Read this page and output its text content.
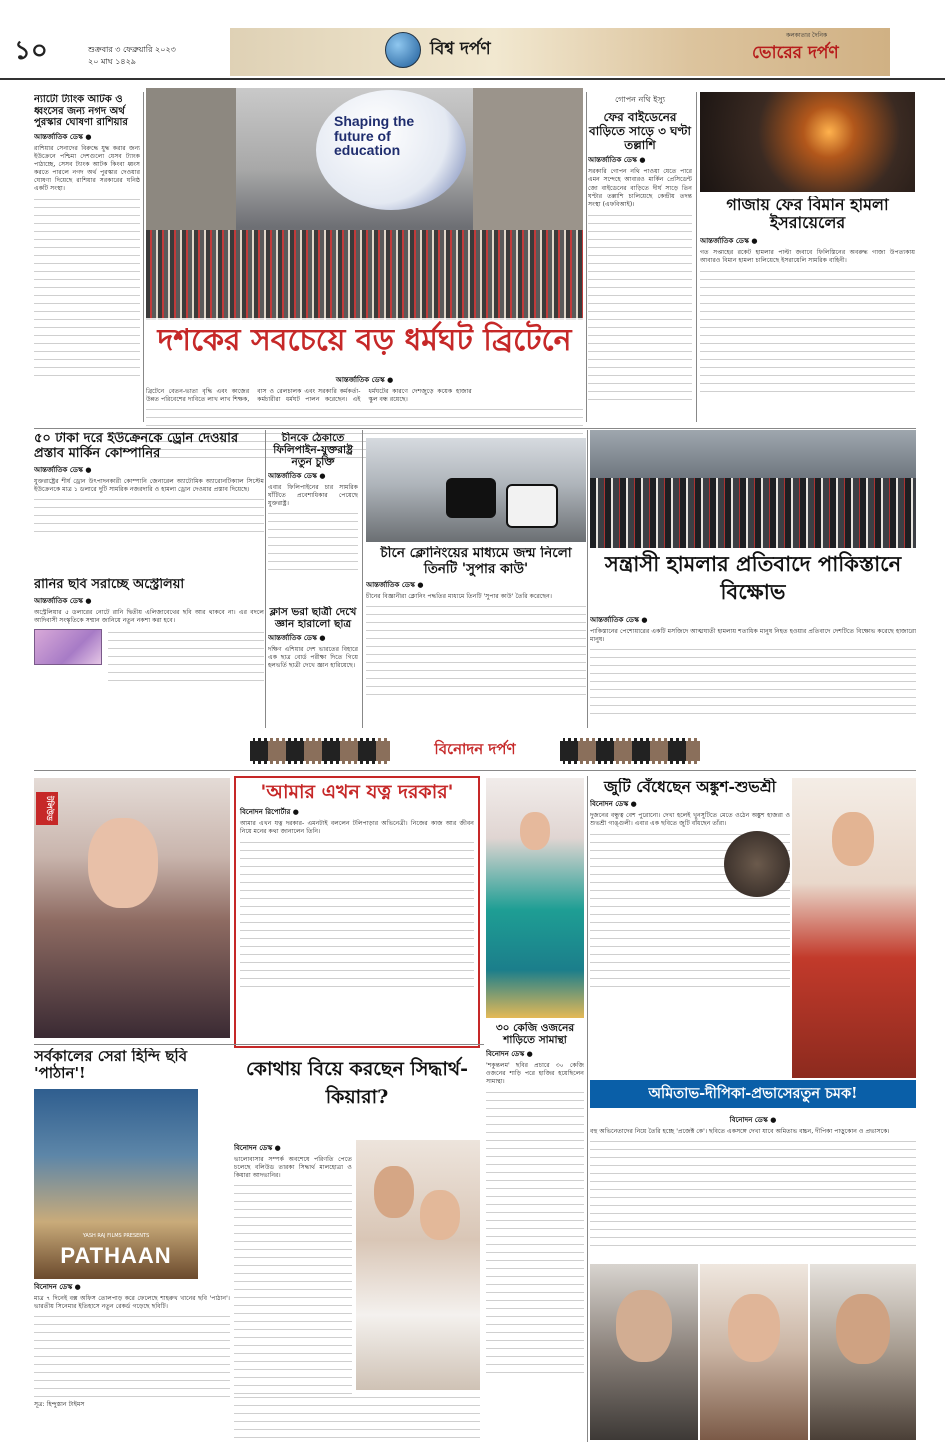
১০	শুক্রবার ৩ ফেব্রুয়ারি ২০২৩
২০ মাঘ ১৪২৯
বিশ্ব দর্পণ
কলকাতার দৈনিক
ভোরের দর্পণ
ন্যাটো ট্যাংক আটক ও ধ্বংসের জন্য নগদ অর্থ পুরস্কার ঘোষণা রাশিয়ার
আন্তর্জাতিক ডেস্ক ●
রাশিয়ার সেনাদের বিরুদ্ধে যুদ্ধ করার জন্য ইউক্রেনে পশ্চিমা দেশগুলো যেসব ট্যাংক পাঠাচ্ছে, সেসব ট্যাংক আটক কিংবা ধ্বংস করতে পারলে নগদ অর্থ পুরস্কার দেওয়ার ঘোষণা দিয়েছে রাশিয়ার সরকারের ঘনিষ্ঠ একটি সংস্থা।
Shaping the future of education
দশকের সবচেয়ে বড় ধর্মঘট ব্রিটেনে
আন্তর্জাতিক ডেস্ক ●
ব্রিটেনে বেতন-ভাতা বৃদ্ধি এবং কাজের উন্নত পরিবেশের দাবিতে লাখ লাখ শিক্ষক, বাস ও রেলচালক এবং সরকারি কর্মকর্তা-কর্মচারীরা ধর্মঘট পালন করেছেন। এই ধর্মঘটের কারণে দেশজুড়ে কয়েক হাজার স্কুল বন্ধ রয়েছে।
গোপন নথি ইস্যু
ফের বাইডেনের বাড়িতে সাড়ে ৩ ঘণ্টা তল্লাশি
আন্তর্জাতিক ডেস্ক ●
সরকারি গোপন নথি পাওয়া যেতে পারে এমন সন্দেহে আবারও মার্কিন প্রেসিডেন্ট জো বাইডেনের বাড়িতে দীর্ঘ সাড়ে তিন ঘণ্টার তল্লাশি চালিয়েছে কেন্দ্রীয় তদন্ত সংস্থা (এফবিআই)।	গাজায় ফের বিমান হামলা ইসরায়েলের
আন্তর্জাতিক ডেস্ক ●
গত সপ্তাহের রকেট হামলার পাল্টা জবাবে ফিলিস্তিনের অবরুদ্ধ গাজা উপত্যকায় আবারও বিমান হামলা চালিয়েছে ইসরায়েলি সামরিক বাহিনী।
৫০ টাকা দরে ইউক্রেনকে ড্রোন দেওয়ার প্রস্তাব মার্কিন কোম্পানির
আন্তর্জাতিক ডেস্ক ●
যুক্তরাষ্ট্রের শীর্ষ ড্রোন উৎপাদনকারী কোম্পানি জেনারেল অ্যাটোমিক অ্যারোনটিক্যাল সিস্টেম ইউক্রেনকে মাত্র ১ ডলারে দুটি সামরিক নজরদারি ও হামলা ড্রোন দেওয়ার প্রস্তাব দিয়েছে।
রানির ছবি সরাচ্ছে অস্ট্রেলিয়া
আন্তর্জাতিক ডেস্ক ●
অস্ট্রেলিয়ার ৫ ডলারের নোটে রানি দ্বিতীয় এলিজাবেথের ছবি আর থাকবে না। এর বদলে আদিবাসী সংস্কৃতিকে সম্মান জানিয়ে নতুন নকশা করা হবে।
চীনকে ঠেকাতে ফিলিপাইন-যুক্তরাষ্ট্র নতুন চুক্তি
আন্তর্জাতিক ডেস্ক ●
এবার ফিলিপাইনের চার সামরিক ঘাঁটিতে প্রবেশাধিকার পেয়েছে যুক্তরাষ্ট্র।
ক্লাস ভরা ছাত্রী দেখে জ্ঞান হারালো ছাত্র
আন্তর্জাতিক ডেস্ক ●
দক্ষিণ এশিয়ার দেশ ভারতের বিহারে এক ছাত্র বোর্ড পরীক্ষা দিতে গিয়ে হলভর্তি ছাত্রী দেখে জ্ঞান হারিয়েছে।
চীনে ক্লোনিংয়ের মাধ্যমে জন্ম নিলো তিনটি 'সুপার কাউ'
আন্তর্জাতিক ডেস্ক ●
চীনের বিজ্ঞানীরা ক্লোনিং পদ্ধতির মাধ্যমে তিনটি 'সুপার কাউ' তৈরি করেছেন।
সন্ত্রাসী হামলার প্রতিবাদে পাকিস্তানে বিক্ষোভ
আন্তর্জাতিক ডেস্ক ●
পাকিস্তানের পেশোয়ারের একটি মসজিদে আত্মঘাতী হামলায় শতাধিক মানুষ নিহত হওয়ার প্রতিবাদে দেশটিতে বিক্ষোভ করেছে হাজারো মানুষ।
বিনোদন দর্পণ
টলিউড
'আমার এখন যত্ন দরকার'
বিনোদন রিপোর্টার ●
আমার এখন যত্ন দরকার- এমনটাই বললেন টলিপাড়ার অভিনেত্রী। নিজের কাজ আর জীবন নিয়ে মনের কথা জানালেন তিনি।
৩০ কেজি ওজনের শাড়িতে সামান্থা
বিনোদন ডেস্ক ●
'শকুন্তলম' ছবির প্রচারে ৩০ কেজি ওজনের শাড়ি পরে হাজির হয়েছিলেন সামান্থা।
জুটি বেঁধেছেন অঙ্কুশ-শুভশ্রী
বিনোদন ডেস্ক ●
দুজনের বন্ধুত্ব বেশ পুরোনো। দেখা হলেই খুনসুটিতে মেতে ওঠেন অঙ্কুশ হাজরা ও শুভশ্রী গাঙ্গুলী। এবার এক ছবিতে জুটি বাঁধছেন তাঁরা।
অমিতাভ-দীপিকা-প্রভাসেরতুন চমক!
বিনোদন ডেস্ক ●
বহু অভিনেতাদের নিয়ে তৈরি হচ্ছে 'প্রজেক্ট কে'। ছবিতে একসঙ্গে দেখা যাবে অমিতাভ বচ্চন, দীপিকা পাড়ুকোন ও প্রভাসকে।
সর্বকালের সেরা হিন্দি ছবি 'পাঠান'!
YASH RAJ FILMS PRESENTS
PATHAAN
বিনোদন ডেস্ক ●
মাত্র ৭ দিনেই বক্স অফিস তোলপাড় করে ফেলেছে শাহরুখ খানের ছবি 'পাঠান'। ভারতীয় সিনেমার ইতিহাসে নতুন রেকর্ড গড়েছে ছবিটি।
সূত্র: হিন্দুস্তান টাইমস
কোথায় বিয়ে করছেন সিদ্ধার্থ-কিয়ারা?
বিনোদন ডেস্ক ●
ভালোবাসার সম্পর্ক অবশেষে পরিণতি পেতে চলেছে বলিউড তারকা সিদ্ধার্থ মালহোত্রা ও কিয়ারা আদভানির।
